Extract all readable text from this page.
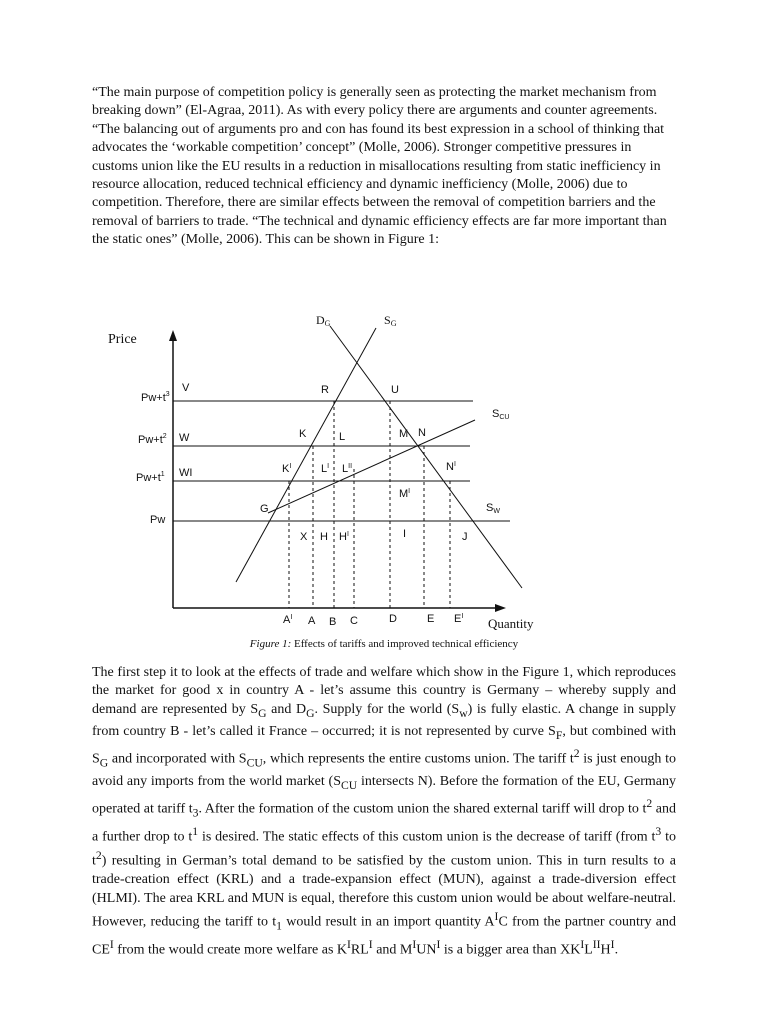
“The main purpose of competition policy is generally seen as protecting the market mechanism from breaking down” (El-Agraa, 2011). As with every policy there are arguments and counter agreements. “The balancing out of arguments pro and con has found its best expression in a school of thinking that advocates the ‘workable competition’ concept” (Molle, 2006). Stronger competitive pressures in customs union like the EU results in a reduction in misallocations resulting from static inefficiency in resource allocation, reduced technical efficiency and dynamic inefficiency (Molle, 2006) due to competition. Therefore, there are similar effects between the removal of competition barriers and the removal of barriers to trade. “The technical and dynamic efficiency effects are far more important than the static ones” (Molle, 2006). This can be shown in Figure 1:
Price
Quantity
DG	SG
SCU
SW
$Pw+t^3$
$Pw+t^2$
$Pw+t^1$
Pw
V
W
WI
G
R	U
K	L	M N
$K^I$	$L^I$ $L^{II}$	$N^I$
$M^I$
X H $H^I$	I	J
$A^I$ A B C	D	E $E^I$
Figure 1: Effects of tariffs and improved technical efficiency
The first step it to look at the effects of trade and welfare which show in the Figure 1, which reproduces the market for good x in country A - let’s assume this country is Germany – whereby supply and demand are represented by $S_G$ and $D_G$. Supply for the world $(S_w)$ is fully elastic. A change in supply from country B - let’s called it France – occurred; it is not represented by curve $S_F$, but combined with $S_G$ and incorporated with $S_{CU}$, which represents the entire customs union. The tariff $t^2$ is just enough to avoid any imports from the world market ($S_{CU}$ intersects N). Before the formation of the EU, Germany operated at tariff $t_3$. After the formation of the custom union the shared external tariff will drop to $t^2$ and a further drop to $t^1$ is desired. The static effects of this custom union is the decrease of tariff (from $t^3$ to $t^2$) resulting in German’s total demand to be satisfied by the custom union. This in turn results to a trade-creation effect (KRL) and a trade-expansion effect (MUN), against a trade-diversion effect (HLMI). The area KRL and MUN is equal, therefore this custom union would be about welfare-neutral. However, reducing the tariff to $t_1$ would result in an import quantity $A^IC$ from the partner country and $CE^I$ from the would create more welfare as $K^IRL^I$ and $M^IUN^I$ is a bigger area than $XK^IL^{II}H^I$.
